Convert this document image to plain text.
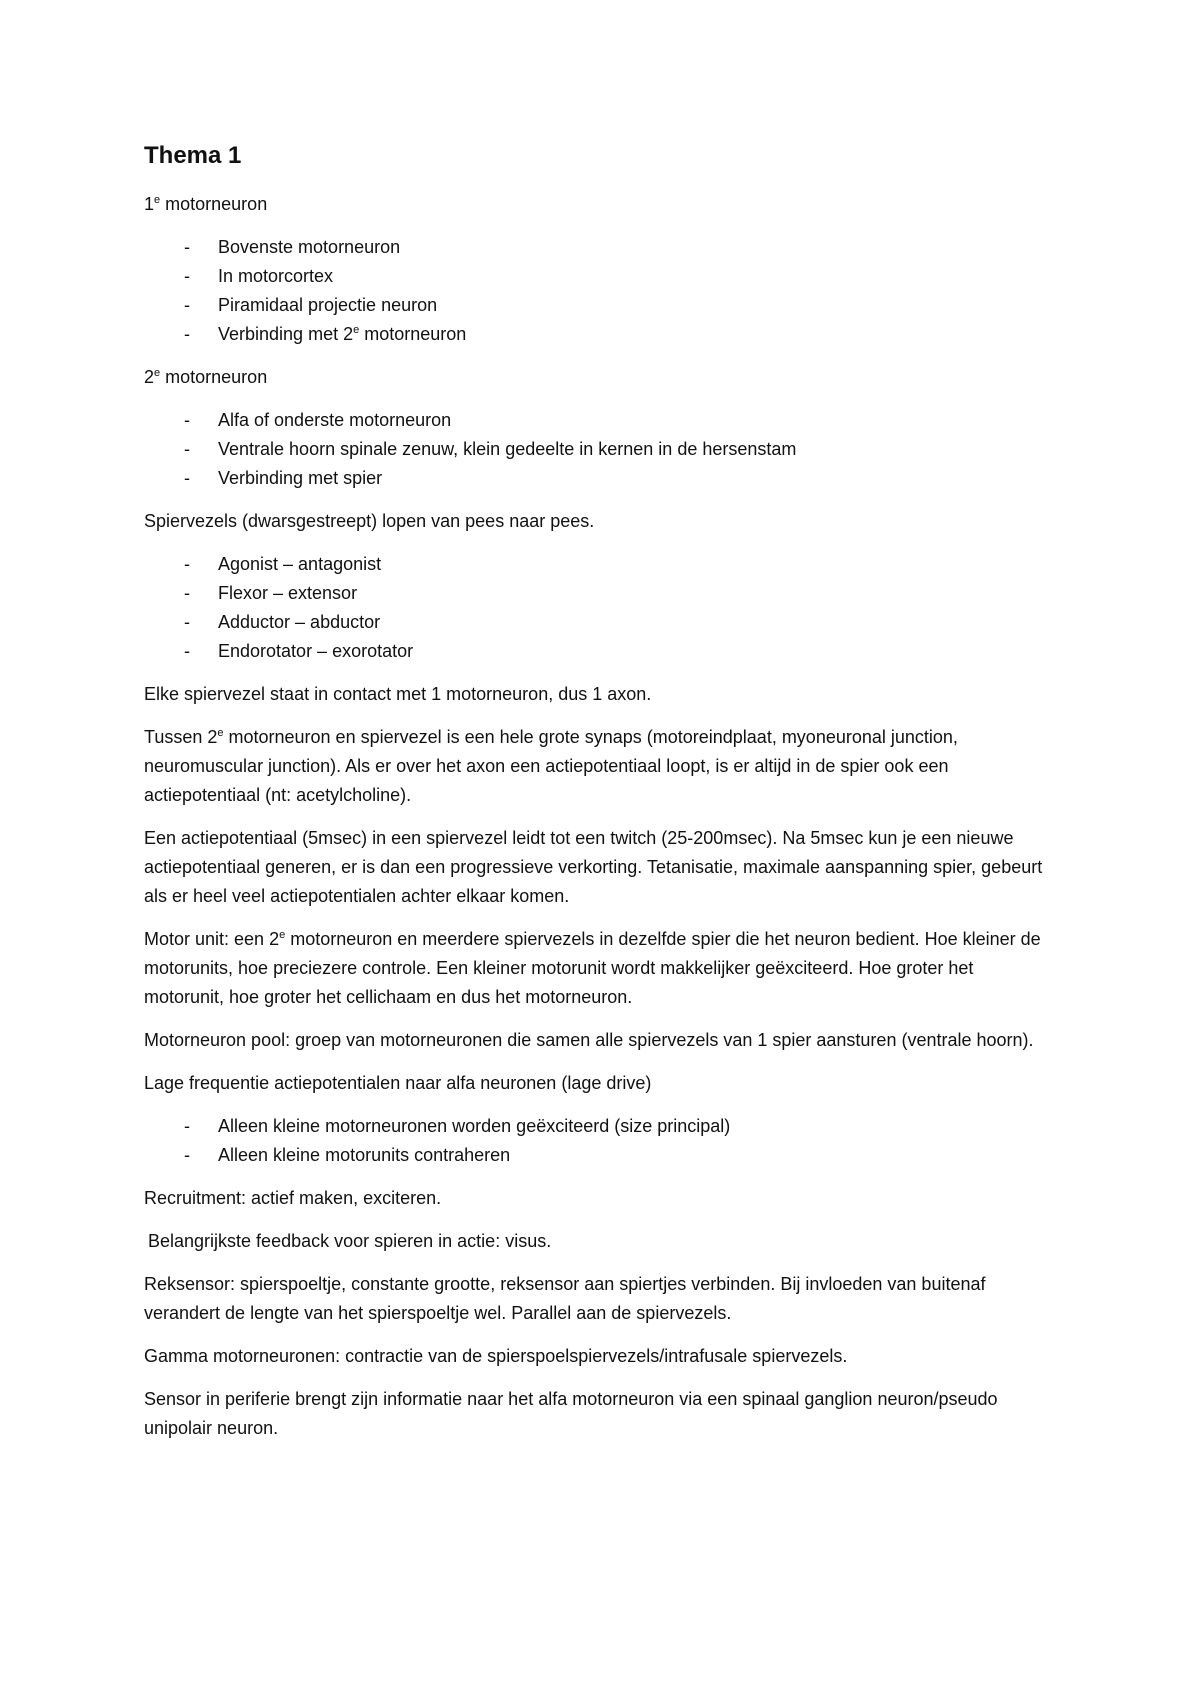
Thema 1

1e motorneuron

- Bovenste motorneuron
- In motorcortex
- Piramidaal projectie neuron
- Verbinding met 2e motorneuron

2e motorneuron

- Alfa of onderste motorneuron
- Ventrale hoorn spinale zenuw, klein gedeelte in kernen in de hersenstam
- Verbinding met spier

Spiervezels (dwarsgestreept) lopen van pees naar pees.

- Agonist – antagonist
- Flexor – extensor
- Adductor – abductor
- Endorotator – exorotator

Elke spiervezel staat in contact met 1 motorneuron, dus 1 axon.

Tussen 2e motorneuron en spiervezel is een hele grote synaps (motoreindplaat, myoneuronal junction, neuromuscular junction). Als er over het axon een actiepotentiaal loopt, is er altijd in de spier ook een actiepotentiaal (nt: acetylcholine).

Een actiepotentiaal (5msec) in een spiervezel leidt tot een twitch (25-200msec). Na 5msec kun je een nieuwe actiepotentiaal generen, er is dan een progressieve verkorting. Tetanisatie, maximale aanspanning spier, gebeurt als er heel veel actiepotentialen achter elkaar komen.

Motor unit: een 2e motorneuron en meerdere spiervezels in dezelfde spier die het neuron bedient. Hoe kleiner de motorunits, hoe preciezere controle. Een kleiner motorunit wordt makkelijker geëxciteerd. Hoe groter het motorunit, hoe groter het cellichaam en dus het motorneuron.

Motorneuron pool: groep van motorneuronen die samen alle spiervezels van 1 spier aansturen (ventrale hoorn).

Lage frequentie actiepotentialen naar alfa neuronen (lage drive)

- Alleen kleine motorneuronen worden geëxciteerd (size principal)
- Alleen kleine motorunits contraheren

Recruitment: actief maken, exciteren.

Belangrijkste feedback voor spieren in actie: visus.

Reksensor: spierspoeltje, constante grootte, reksensor aan spiertjes verbinden. Bij invloeden van buitenaf verandert de lengte van het spierspoeltje wel. Parallel aan de spiervezels.

Gamma motorneuronen: contractie van de spierspoelspiervezels/intrafusale spiervezels.

Sensor in periferie brengt zijn informatie naar het alfa motorneuron via een spinaal ganglion neuron/pseudo unipolair neuron.
